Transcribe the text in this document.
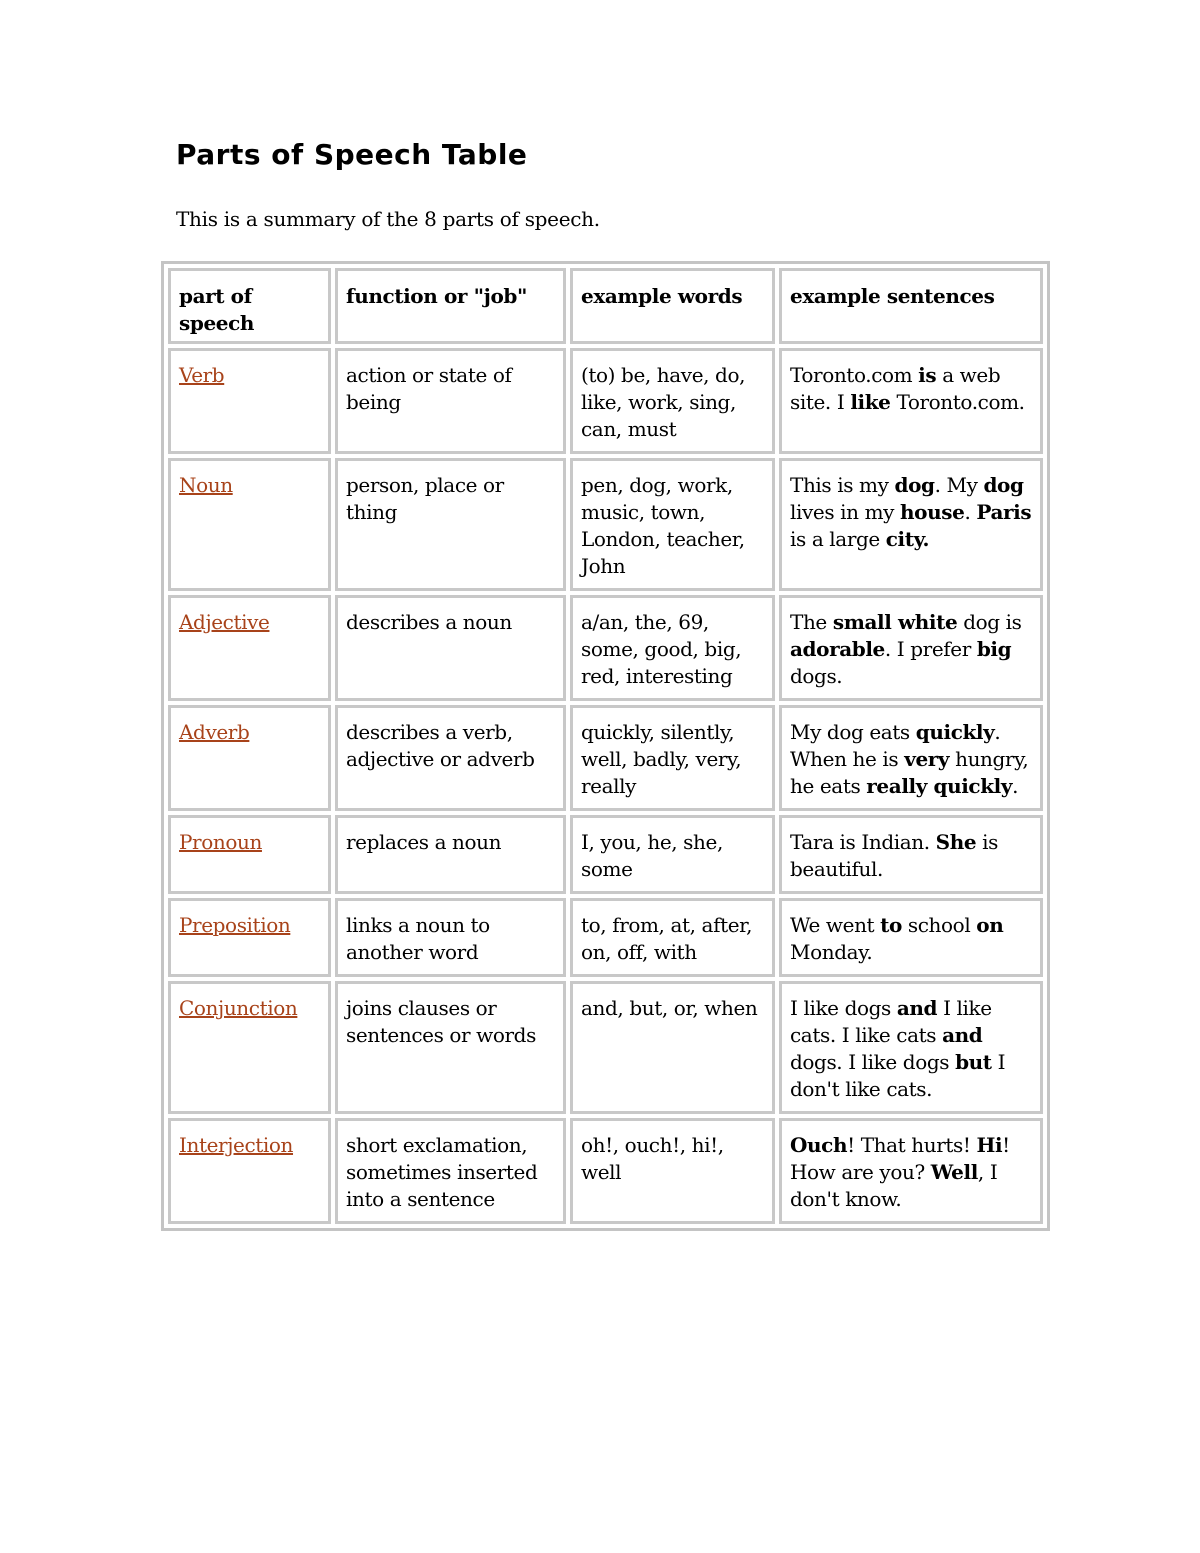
Parts of Speech Table

This is a summary of the 8 parts of speech.

part of speech	function or "job"	example words	example sentences
Verb	action or state of being	(to) be, have, do, like, work, sing, can, must	Toronto.com is a web site. I like Toronto.com.
Noun	person, place or thing	pen, dog, work, music, town, London, teacher, John	This is my dog. My dog lives in my house. Paris is a large city.
Adjective	describes a noun	a/an, the, 69, some, good, big, red, interesting	The small white dog is adorable. I prefer big dogs.
Adverb	describes a verb, adjective or adverb	quickly, silently, well, badly, very, really	My dog eats quickly. When he is very hungry, he eats really quickly.
Pronoun	replaces a noun	I, you, he, she, some	Tara is Indian. She is beautiful.
Preposition	links a noun to another word	to, from, at, after, on, off, with	We went to school on Monday.
Conjunction	joins clauses or sentences or words	and, but, or, when	I like dogs and I like cats. I like cats and dogs. I like dogs but I don't like cats.
Interjection	short exclamation, sometimes inserted into a sentence	oh!, ouch!, hi!, well	Ouch! That hurts! Hi! How are you? Well, I don't know.
